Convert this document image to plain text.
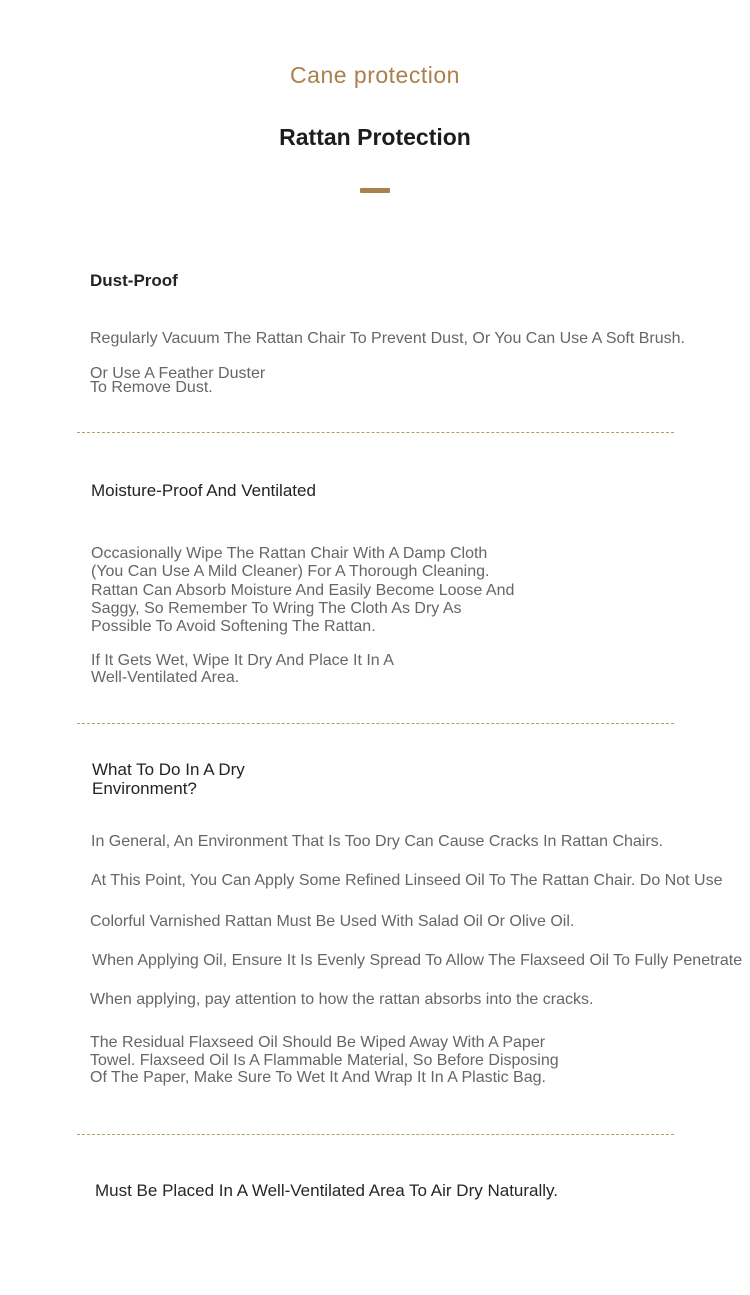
Cane protection
Rattan Protection
Dust-Proof
Regularly Vacuum The Rattan Chair To Prevent Dust, Or You Can Use A Soft Brush.
Or Use A Feather Duster
To Remove Dust.
Moisture-Proof And Ventilated
Occasionally Wipe The Rattan Chair With A Damp Cloth
(You Can Use A Mild Cleaner) For A Thorough Cleaning.
Rattan Can Absorb Moisture And Easily Become Loose And
Saggy, So Remember To Wring The Cloth As Dry As
Possible To Avoid Softening The Rattan.
If It Gets Wet, Wipe It Dry And Place It In A
Well-Ventilated Area.
What To Do In A Dry
Environment?
In General, An Environment That Is Too Dry Can Cause Cracks In Rattan Chairs.
At This Point, You Can Apply Some Refined Linseed Oil To The Rattan Chair. Do Not Use
Colorful Varnished Rattan Must Be Used With Salad Oil Or Olive Oil.
When Applying Oil, Ensure It Is Evenly Spread To Allow The Flaxseed Oil To Fully Penetrate
When applying, pay attention to how the rattan absorbs into the cracks.
The Residual Flaxseed Oil Should Be Wiped Away With A Paper
Towel. Flaxseed Oil Is A Flammable Material, So Before Disposing
Of The Paper, Make Sure To Wet It And Wrap It In A Plastic Bag.
Must Be Placed In A Well-Ventilated Area To Air Dry Naturally.
